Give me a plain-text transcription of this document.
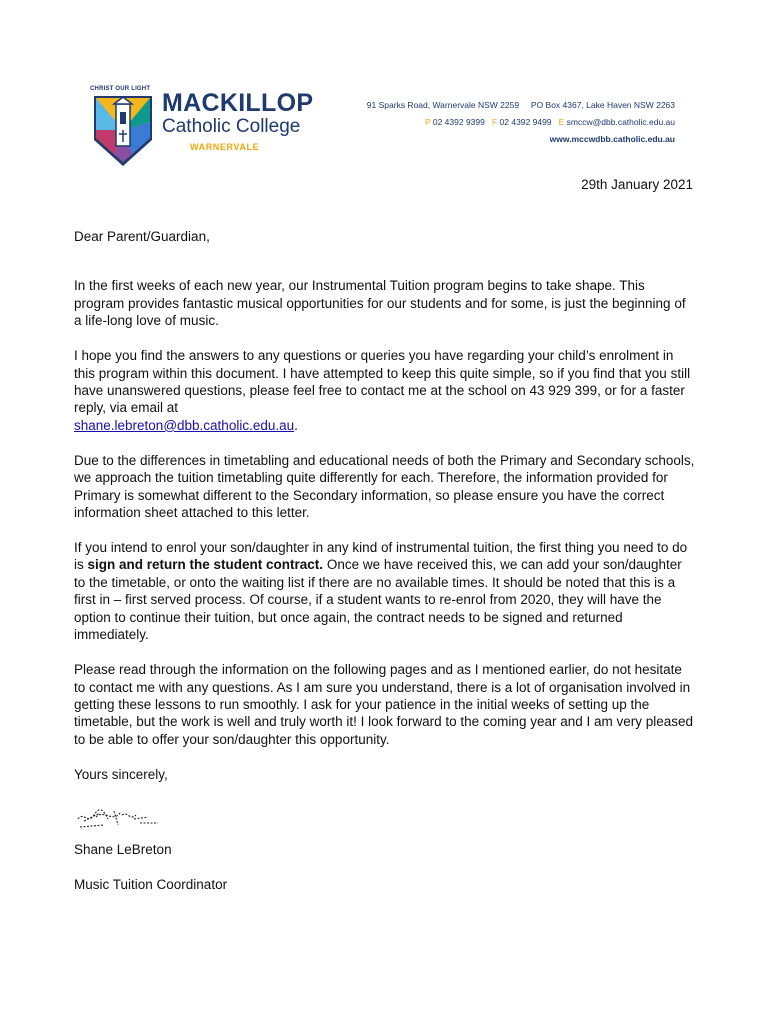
CHRIST OUR LIGHT MACKILLOP
Catholic College
WARNERVALE
91 Sparks Road, Warnervale NSW 2259     PO Box 4367, Lake Haven NSW 2263
P 02 4392 9399 F 02 4392 9499 E smccw@dbb.catholic.edu.au
www.mccwdbb.catholic.edu.au
29th January 2021

Dear Parent/Guardian,

In the first weeks of each new year, our Instrumental Tuition program begins to take shape. This program provides fantastic musical opportunities for our students and for some, is just the beginning of a life-long love of music.

I hope you find the answers to any questions or queries you have regarding your child’s enrolment in this program within this document. I have attempted to keep this quite simple, so if you find that you still have unanswered questions, please feel free to contact me at the school on 43 929 399, or for a faster reply, via email at
shane.lebreton@dbb.catholic.edu.au.

Due to the differences in timetabling and educational needs of both the Primary and Secondary schools, we approach the tuition timetabling quite differently for each. Therefore, the information provided for Primary is somewhat different to the Secondary information, so please ensure you have the correct information sheet attached to this letter.

If you intend to enrol your son/daughter in any kind of instrumental tuition, the first thing you need to do is sign and return the student contract. Once we have received this, we can add your son/daughter to the timetable, or onto the waiting list if there are no available times. It should be noted that this is a first in – first served process. Of course, if a student wants to re-enrol from 2020, they will have the option to continue their tuition, but once again, the contract needs to be signed and returned immediately.

Please read through the information on the following pages and as I mentioned earlier, do not hesitate to contact me with any questions. As I am sure you understand, there is a lot of organisation involved in getting these lessons to run smoothly. I ask for your patience in the initial weeks of setting up the timetable, but the work is well and truly worth it! I look forward to the coming year and I am very pleased to be able to offer your son/daughter this opportunity.

Yours sincerely,

Shane LeBreton

Music Tuition Coordinator
